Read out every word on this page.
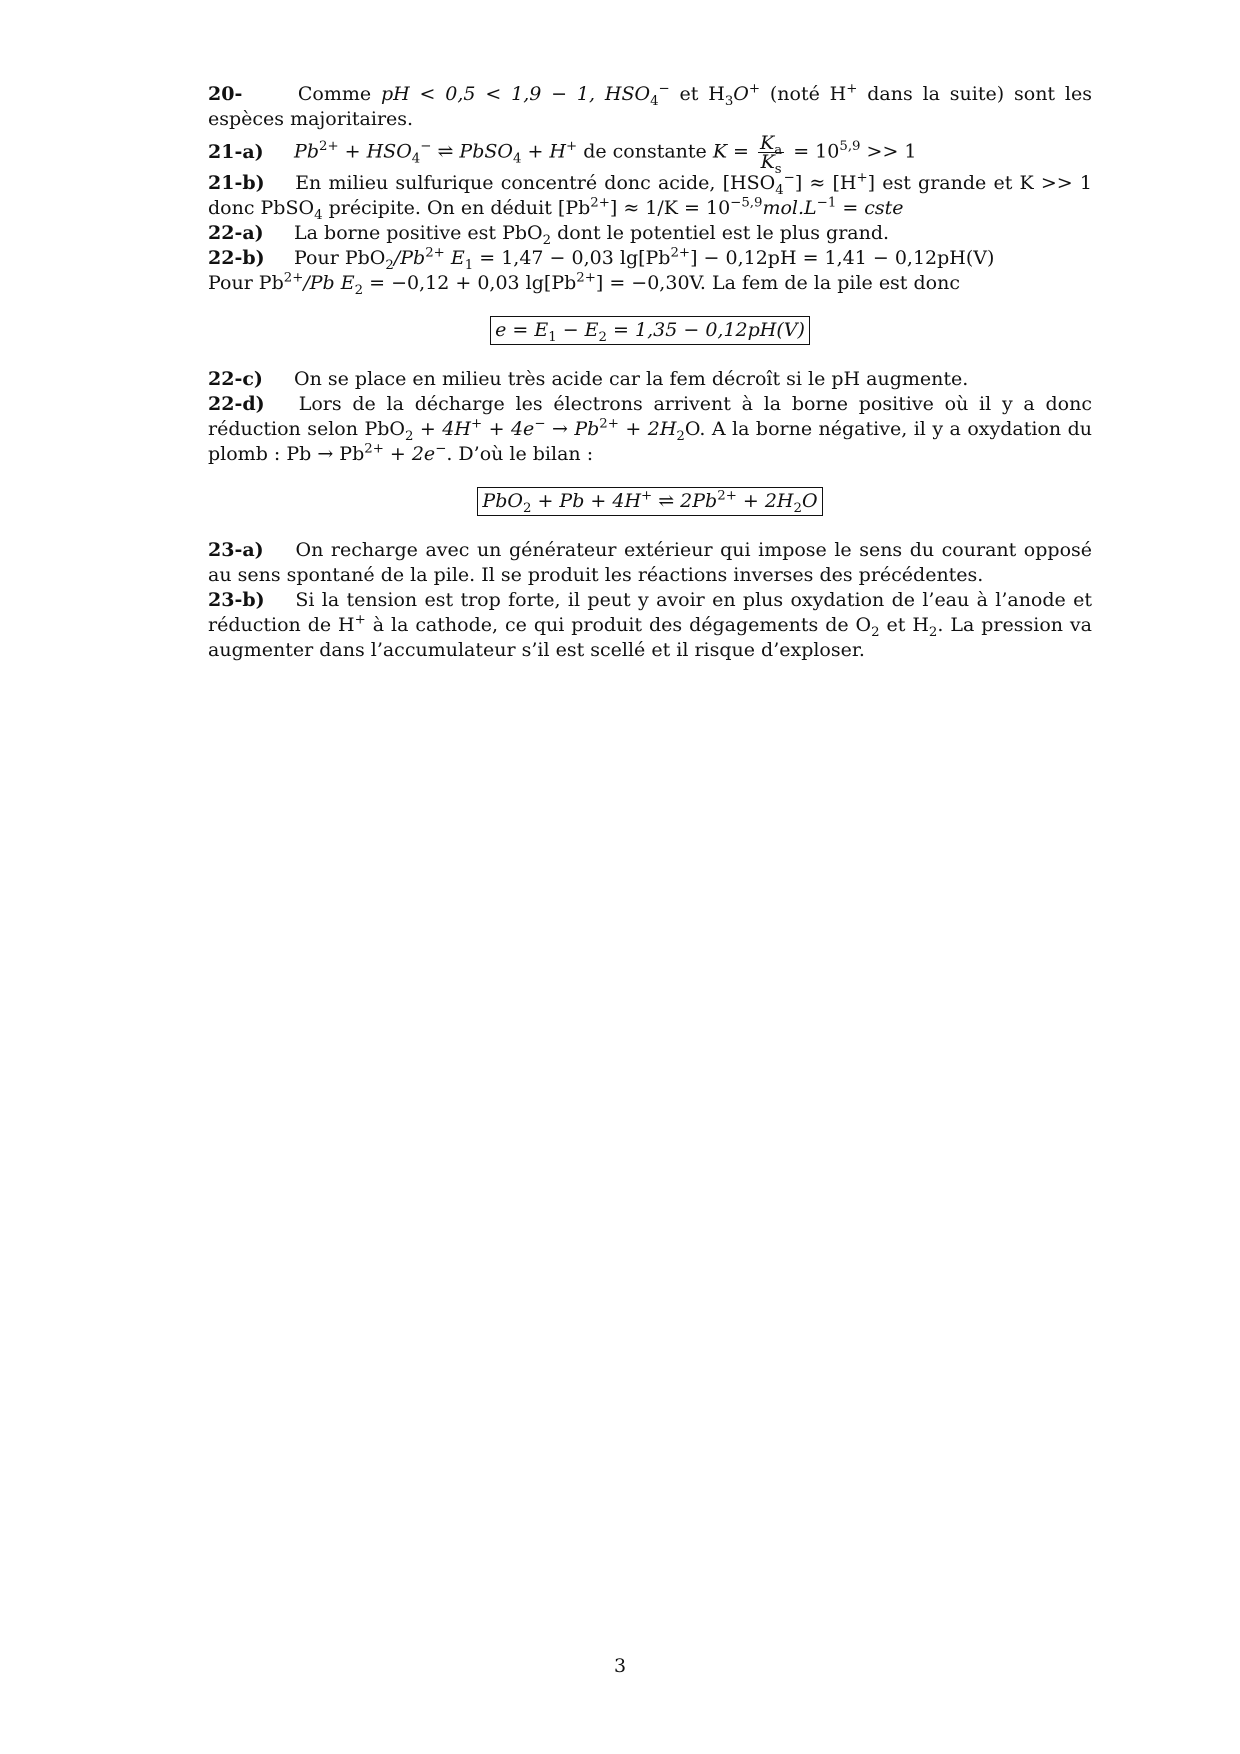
20-	Comme pH < 0,5 < 1,9 − 1, $HSO_4^-$ et $H_3O^+$ (noté H+ dans la suite) sont les espèces majoritaires.

21-a) $Pb^{2+} + HSO_4^-$ ⇌ PbSO$_4$ + H+ de constante $K = \frac{K_a}{K_s} = 10^{5,9} >> 1$

21-b) En milieu sulfurique concentré donc acide, $[HSO_4^-] \approx [H^+]$ est grande et K >> 1 donc PbSO$_4$ précipite. On en déduit $[Pb^{2+}] \approx 1/K = 10^{-5,9}mol.L^{-1}$ = cste

22-a) La borne positive est PbO$_2$ dont le potentiel est le plus grand.

22-b) Pour $PbO_2/Pb^{2+}$ $E_1 = 1,47 - 0,03$ $\lg[Pb^{2+}] - 0,12pH = 1,41 - 0,12pH(V)$
Pour $Pb^{2+}/Pb$ $E_2 = -0,12 + 0,03$ $\lg[Pb^{2+}] = -0,30V$. La fem de la pile est donc

$e = E_1 - E_2 = 1,35 - 0,12pH(V)$

22-c) On se place en milieu très acide car la fem décroît si le pH augmente.

22-d) Lors de la décharge les électrons arrivent à la borne positive où il y a donc réduction selon $PbO_2 + 4H^+ + 4e^- \to Pb^{2+} + 2H_2O$. A la borne négative, il y a oxydation du plomb : $Pb \to Pb^{2+} + 2e^-$. D’où le bilan :

PbO$_2$ + Pb + 4H+ ⇌ $2Pb^{2+} + 2H_2O$

23-a) On recharge avec un générateur extérieur qui impose le sens du courant opposé au sens spontané de la pile. Il se produit les réactions inverses des précédentes.

23-b) Si la tension est trop forte, il peut y avoir en plus oxydation de l’eau à l’anode et réduction de H+ à la cathode, ce qui produit des dégagements de $O_2$ et $H_2$. La pression va augmenter dans l’accumulateur s’il est scellé et il risque d’exploser.

3
